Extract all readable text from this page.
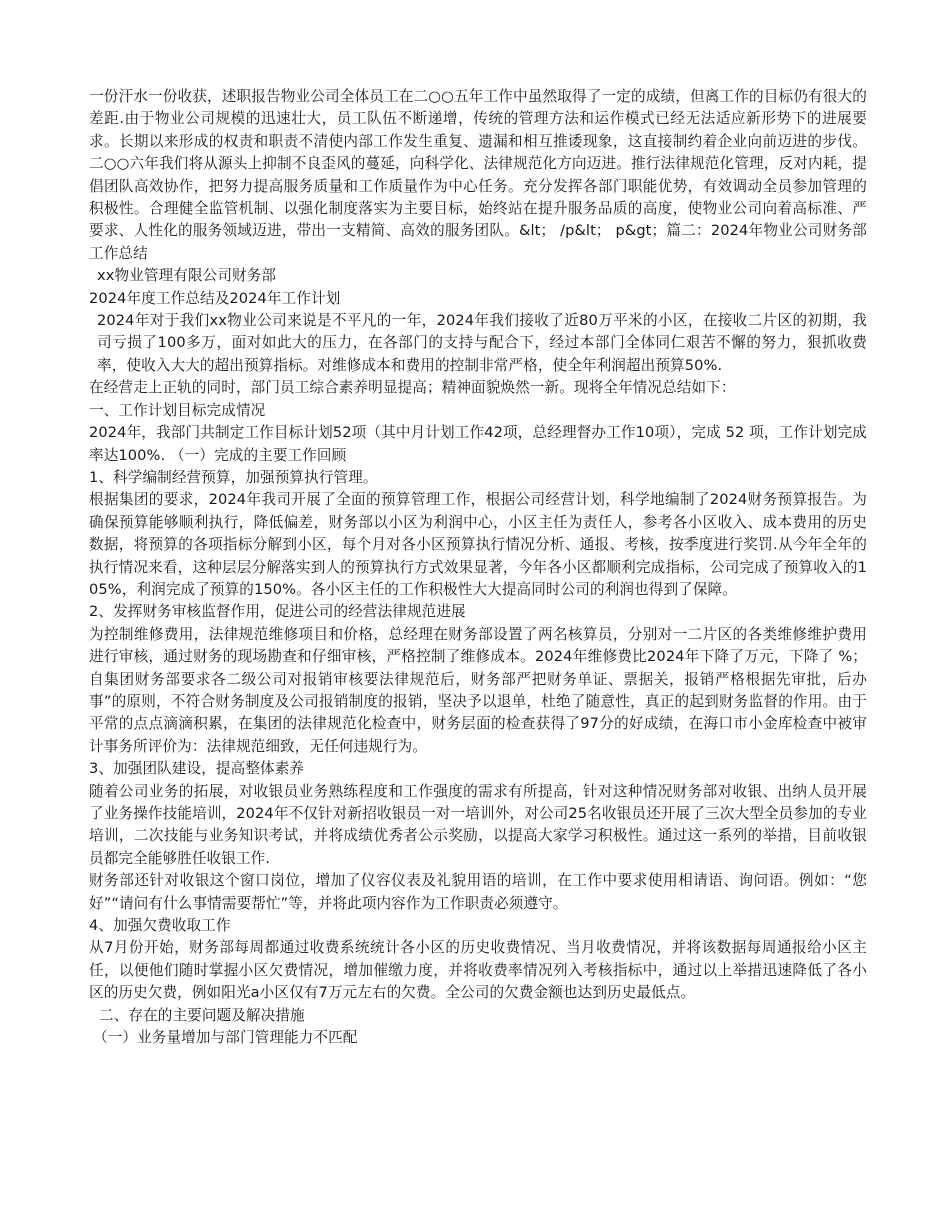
一份汗水一份收获，述职报告物业公司全体员工在二○○五年工作中虽然取得了一定的成绩，但离工作的目标仍有很大的差距.由于物业公司规模的迅速壮大，员工队伍不断递增，传统的管理方法和运作模式已经无法适应新形势下的进展要求。长期以来形成的权责和职责不清使内部工作发生重复、遗漏和相互推诿现象，这直接制约着企业向前迈进的步伐。二○○六年我们将从源头上抑制不良歪风的蔓延，向科学化、法律规范化方向迈进。推行法律规范化管理，反对内耗，提倡团队高效协作，把努力提高服务质量和工作质量作为中心任务。充分发挥各部门职能优势，有效调动全员参加管理的积极性。合理健全监管机制、以强化制度落实为主要目标，始终站在提升服务品质的高度，使物业公司向着高标准、严要求、人性化的服务领域迈进，带出一支精简、高效的服务团队。&lt； /p&lt； p&gt；篇二：2024年物业公司财务部工作总结

xx物业管理有限公司财务部

2024年度工作总结及2024年工作计划

2024年对于我们xx物业公司来说是不平凡的一年，2024年我们接收了近80万平米的小区，在接收二片区的初期，我司亏损了100多万，面对如此大的压力，在各部门的支持与配合下，经过本部门全体同仁艰苦不懈的努力，狠抓收费率，使收入大大的超出预算指标。对维修成本和费用的控制非常严格，使全年利润超出预算50%.

在经营走上正轨的同时，部门员工综合素养明显提高；精神面貌焕然一新。现将全年情况总结如下：

一、工作计划目标完成情况

2024年，我部门共制定工作目标计划52项（其中月计划工作42项，总经理督办工作10项），完成 52 项，工作计划完成率达100%. （一）完成的主要工作回顾

1、科学编制经营预算，加强预算执行管理。

根据集团的要求，2024年我司开展了全面的预算管理工作，根据公司经营计划，科学地编制了2024财务预算报告。为确保预算能够顺利执行，降低偏差，财务部以小区为利润中心，小区主任为责任人，参考各小区收入、成本费用的历史数据，将预算的各项指标分解到小区，每个月对各小区预算执行情况分析、通报、考核，按季度进行奖罚.从今年全年的执行情况来看，这种层层分解落实到人的预算执行方式效果显著，今年各小区都顺利完成指标，公司完成了预算收入的105%，利润完成了预算的150%。各小区主任的工作积极性大大提高同时公司的利润也得到了保障。

2、发挥财务审核监督作用，促进公司的经营法律规范进展

为控制维修费用，法律规范维修项目和价格，总经理在财务部设置了两名核算员，分别对一二片区的各类维修维护费用进行审核，通过财务的现场勘查和仔细审核，严格控制了维修成本。2024年维修费比2024年下降了万元，下降了 %；自集团财务部要求各二级公司对报销审核要法律规范后，财务部严把财务单证、票据关，报销严格根据先审批，后办事”的原则，不符合财务制度及公司报销制度的报销，坚决予以退单，杜绝了随意性，真正的起到财务监督的作用。由于平常的点点滴滴积累，在集团的法律规范化检查中，财务层面的检查获得了97分的好成绩，在海口市小金库检查中被审计事务所评价为：法律规范细致，无任何违规行为。

3、加强团队建设，提高整体素养

随着公司业务的拓展，对收银员业务熟练程度和工作强度的需求有所提高，针对这种情况财务部对收银、出纳人员开展了业务操作技能培训，2024年不仅针对新招收银员一对一培训外，对公司25名收银员还开展了三次大型全员参加的专业培训，二次技能与业务知识考试，并将成绩优秀者公示奖励，以提高大家学习积极性。通过这一系列的举措，目前收银员都完全能够胜任收银工作.

财务部还针对收银这个窗口岗位，增加了仪容仪表及礼貌用语的培训，在工作中要求使用相请语、询问语。例如：“您好”“请问有什么事情需要帮忙”等，并将此项内容作为工作职责必须遵守。

4、加强欠费收取工作

从7月份开始，财务部每周都通过收费系统统计各小区的历史收费情况、当月收费情况，并将该数据每周通报给小区主任，以便他们随时掌握小区欠费情况，增加催缴力度，并将收费率情况列入考核指标中，通过以上举措迅速降低了各小区的历史欠费，例如阳光a小区仅有7万元左右的欠费。全公司的欠费金额也达到历史最低点。

二、存在的主要问题及解决措施

（一）业务量增加与部门管理能力不匹配
